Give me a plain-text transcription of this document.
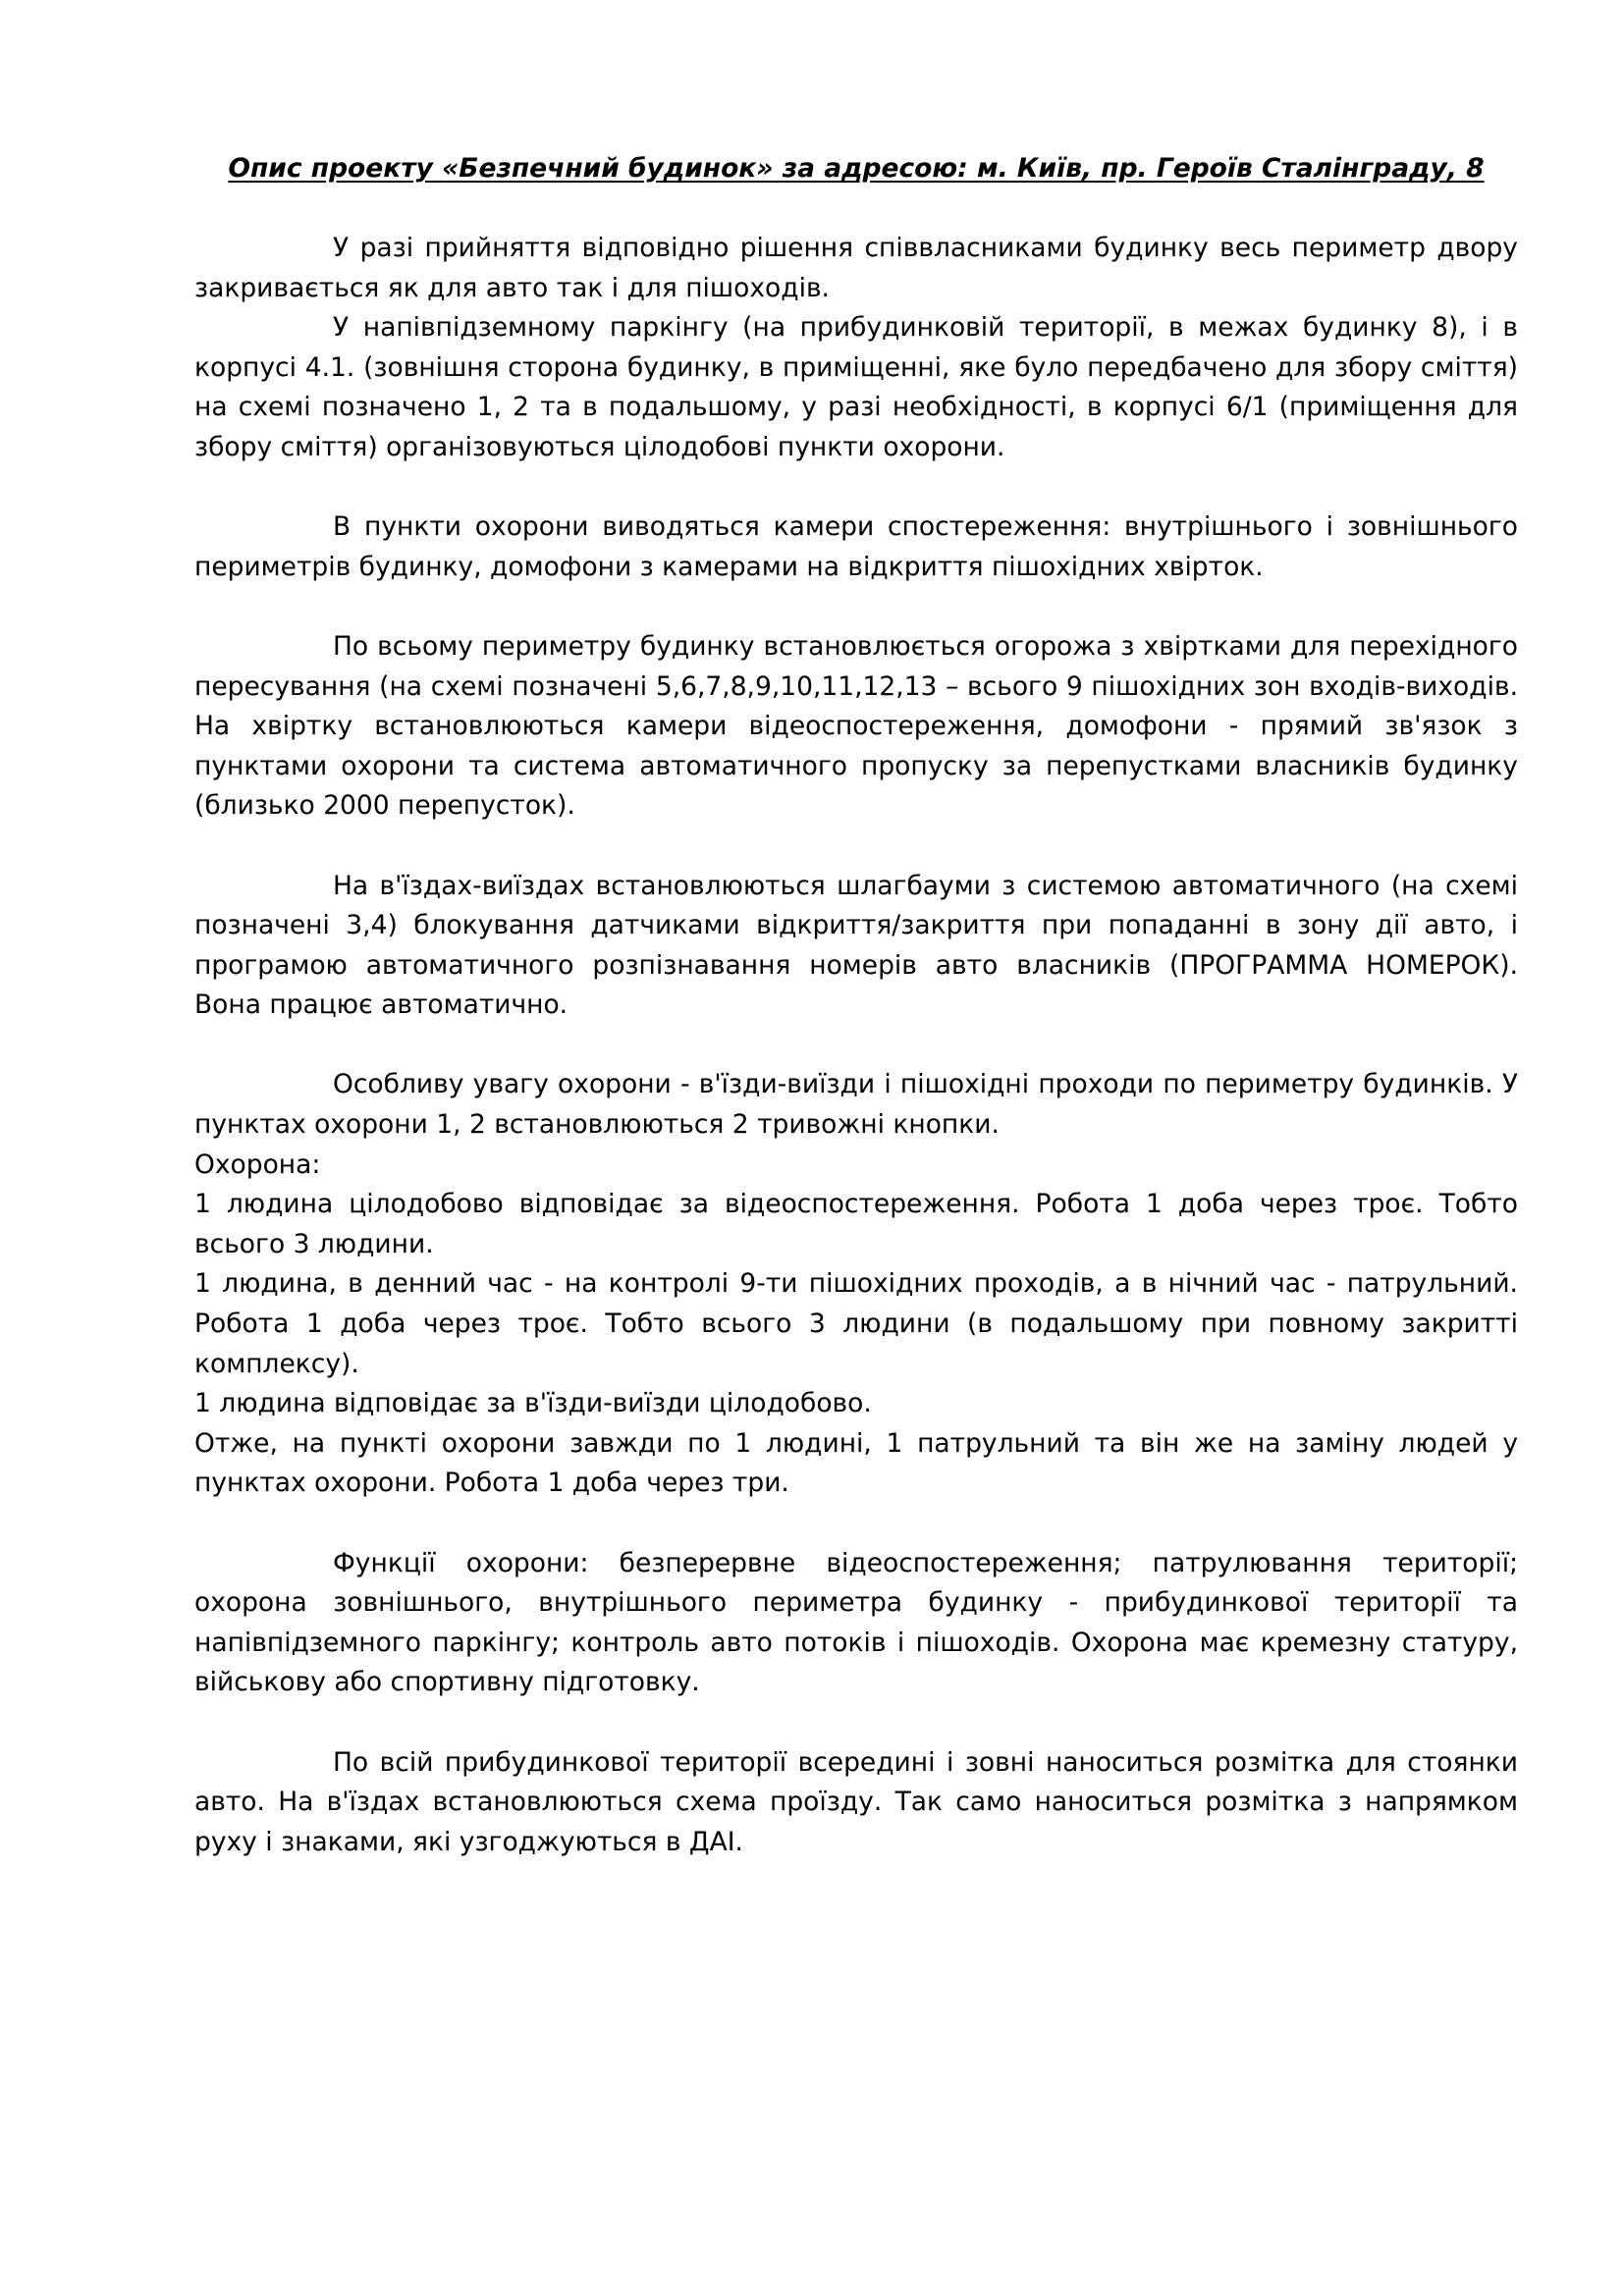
Опис проекту «Безпечний будинок» за адресою: м. Київ, пр. Героїв Сталінграду, 8

У разі прийняття відповідно рішення співвласниками будинку весь периметр двору закривається як для авто так і для пішоходів.

У напівпідземному паркінгу (на прибудинковій території, в межах будинку 8), і в корпусі 4.1. (зовнішня сторона будинку, в приміщенні, яке було передбачено для збору сміття) на схемі позначено 1, 2 та в подальшому, у разі необхідності, в корпусі 6/1 (приміщення для збору сміття) організовуються цілодобові пункти охорони.

В пункти охорони виводяться камери спостереження: внутрішнього і зовнішнього периметрів будинку, домофони з камерами на відкриття пішохідних хвірток.

По всьому периметру будинку встановлюється огорожа з хвіртками для перехідного пересування (на схемі позначені 5,6,7,8,9,10,11,12,13 – всього 9 пішохідних зон входів-виходів. На хвіртку встановлюються камери відеоспостереження, домофони - прямий зв'язок з пунктами охорони та система автоматичного пропуску за перепустками власників будинку (близько 2000 перепусток).

На в'їздах-виїздах встановлюються шлагбауми з системою автоматичного (на схемі позначені 3,4) блокування датчиками відкриття/закриття при попаданні в зону дії авто, і програмою автоматичного розпізнавання номерів авто власників (ПРОГРАММА НОМЕРОК). Вона працює автоматично.

Особливу увагу охорони - в'їзди-виїзди і пішохідні проходи по периметру будинків. У пунктах охорони 1, 2 встановлюються 2 тривожні кнопки.

Охорона:

1 людина цілодобово відповідає за відеоспостереження. Робота 1 доба через троє. Тобто всього 3 людини.

1 людина, в денний час - на контролі 9-ти пішохідних проходів, а в нічний час - патрульний. Робота 1 доба через троє. Тобто всього 3 людини (в подальшому при повному закритті комплексу).

1 людина відповідає за в'їзди-виїзди цілодобово.

Отже, на пункті охорони завжди по 1 людині, 1 патрульний та він же на заміну людей у пунктах охорони. Робота 1 доба через три.

Функції охорони: безперервне відеоспостереження; патрулювання території; охорона зовнішнього, внутрішнього периметра будинку - прибудинкової території та напівпідземного паркінгу; контроль авто потоків і пішоходів. Охорона має кремезну статуру, військову або спортивну підготовку.

По всій прибудинкової території всередині і зовні наноситься розмітка для стоянки авто. На в'їздах встановлюються схема проїзду. Так само наноситься розмітка з напрямком руху і знаками, які узгоджуються в ДАІ.
